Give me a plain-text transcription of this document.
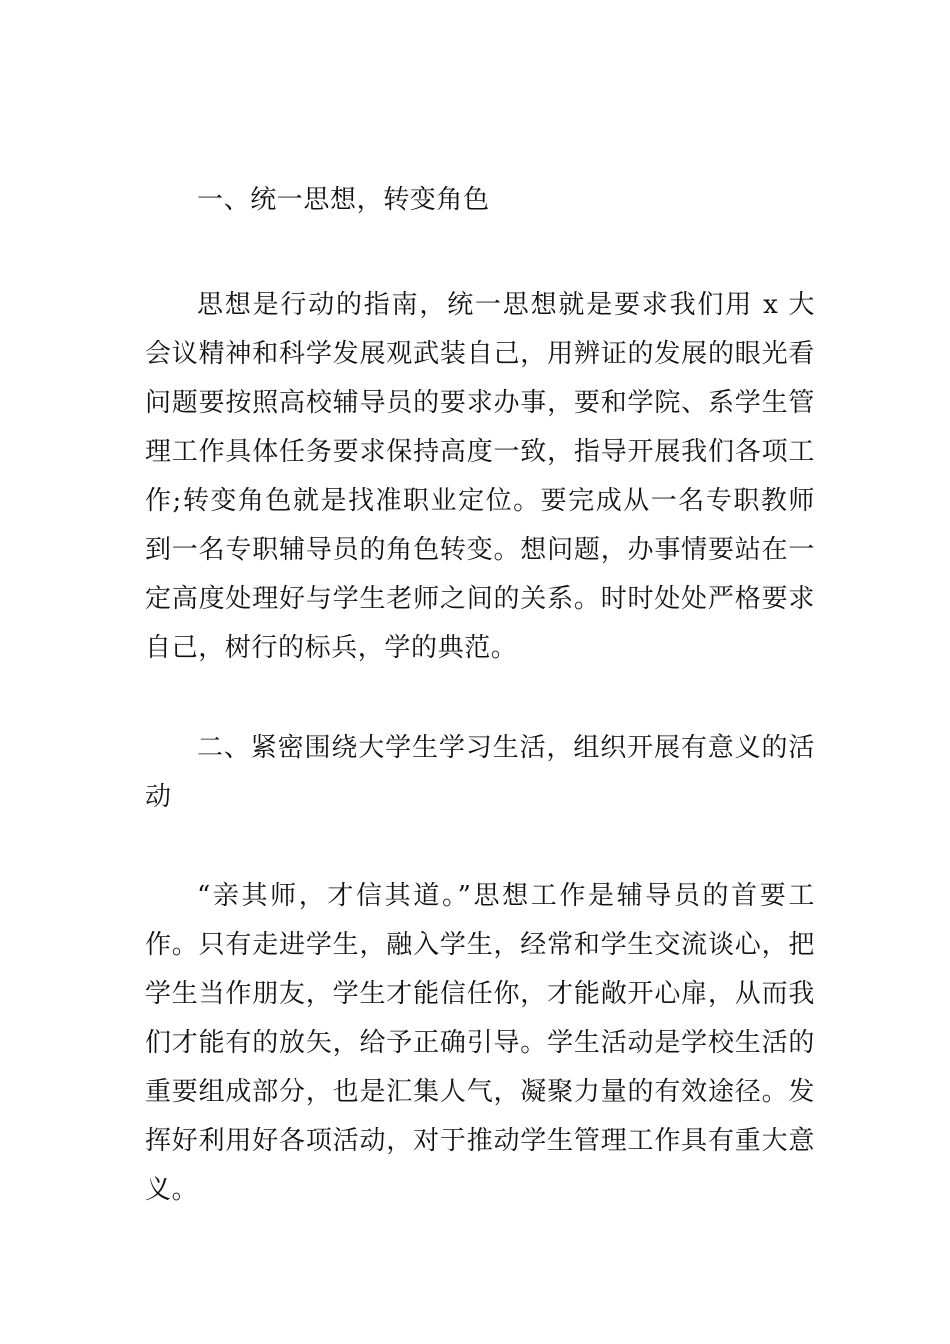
一、统一思想，转变角色

思想是行动的指南，统一思想就是要求我们用 x 大会议精神和科学发展观武装自己，用辨证的发展的眼光看问题要按照高校辅导员的要求办事，要和学院、系学生管理工作具体任务要求保持高度一致，指导开展我们各项工作;转变角色就是找准职业定位。要完成从一名专职教师到一名专职辅导员的角色转变。想问题，办事情要站在一定高度处理好与学生老师之间的关系。时时处处严格要求自己，树行的标兵，学的典范。

二、紧密围绕大学生学习生活，组织开展有意义的活动

“亲其师，才信其道。”思想工作是辅导员的首要工作。只有走进学生，融入学生，经常和学生交流谈心，把学生当作朋友，学生才能信任你，才能敞开心扉，从而我们才能有的放矢，给予正确引导。学生活动是学校生活的重要组成部分，也是汇集人气，凝聚力量的有效途径。发挥好利用好各项活动，对于推动学生管理工作具有重大意义。
